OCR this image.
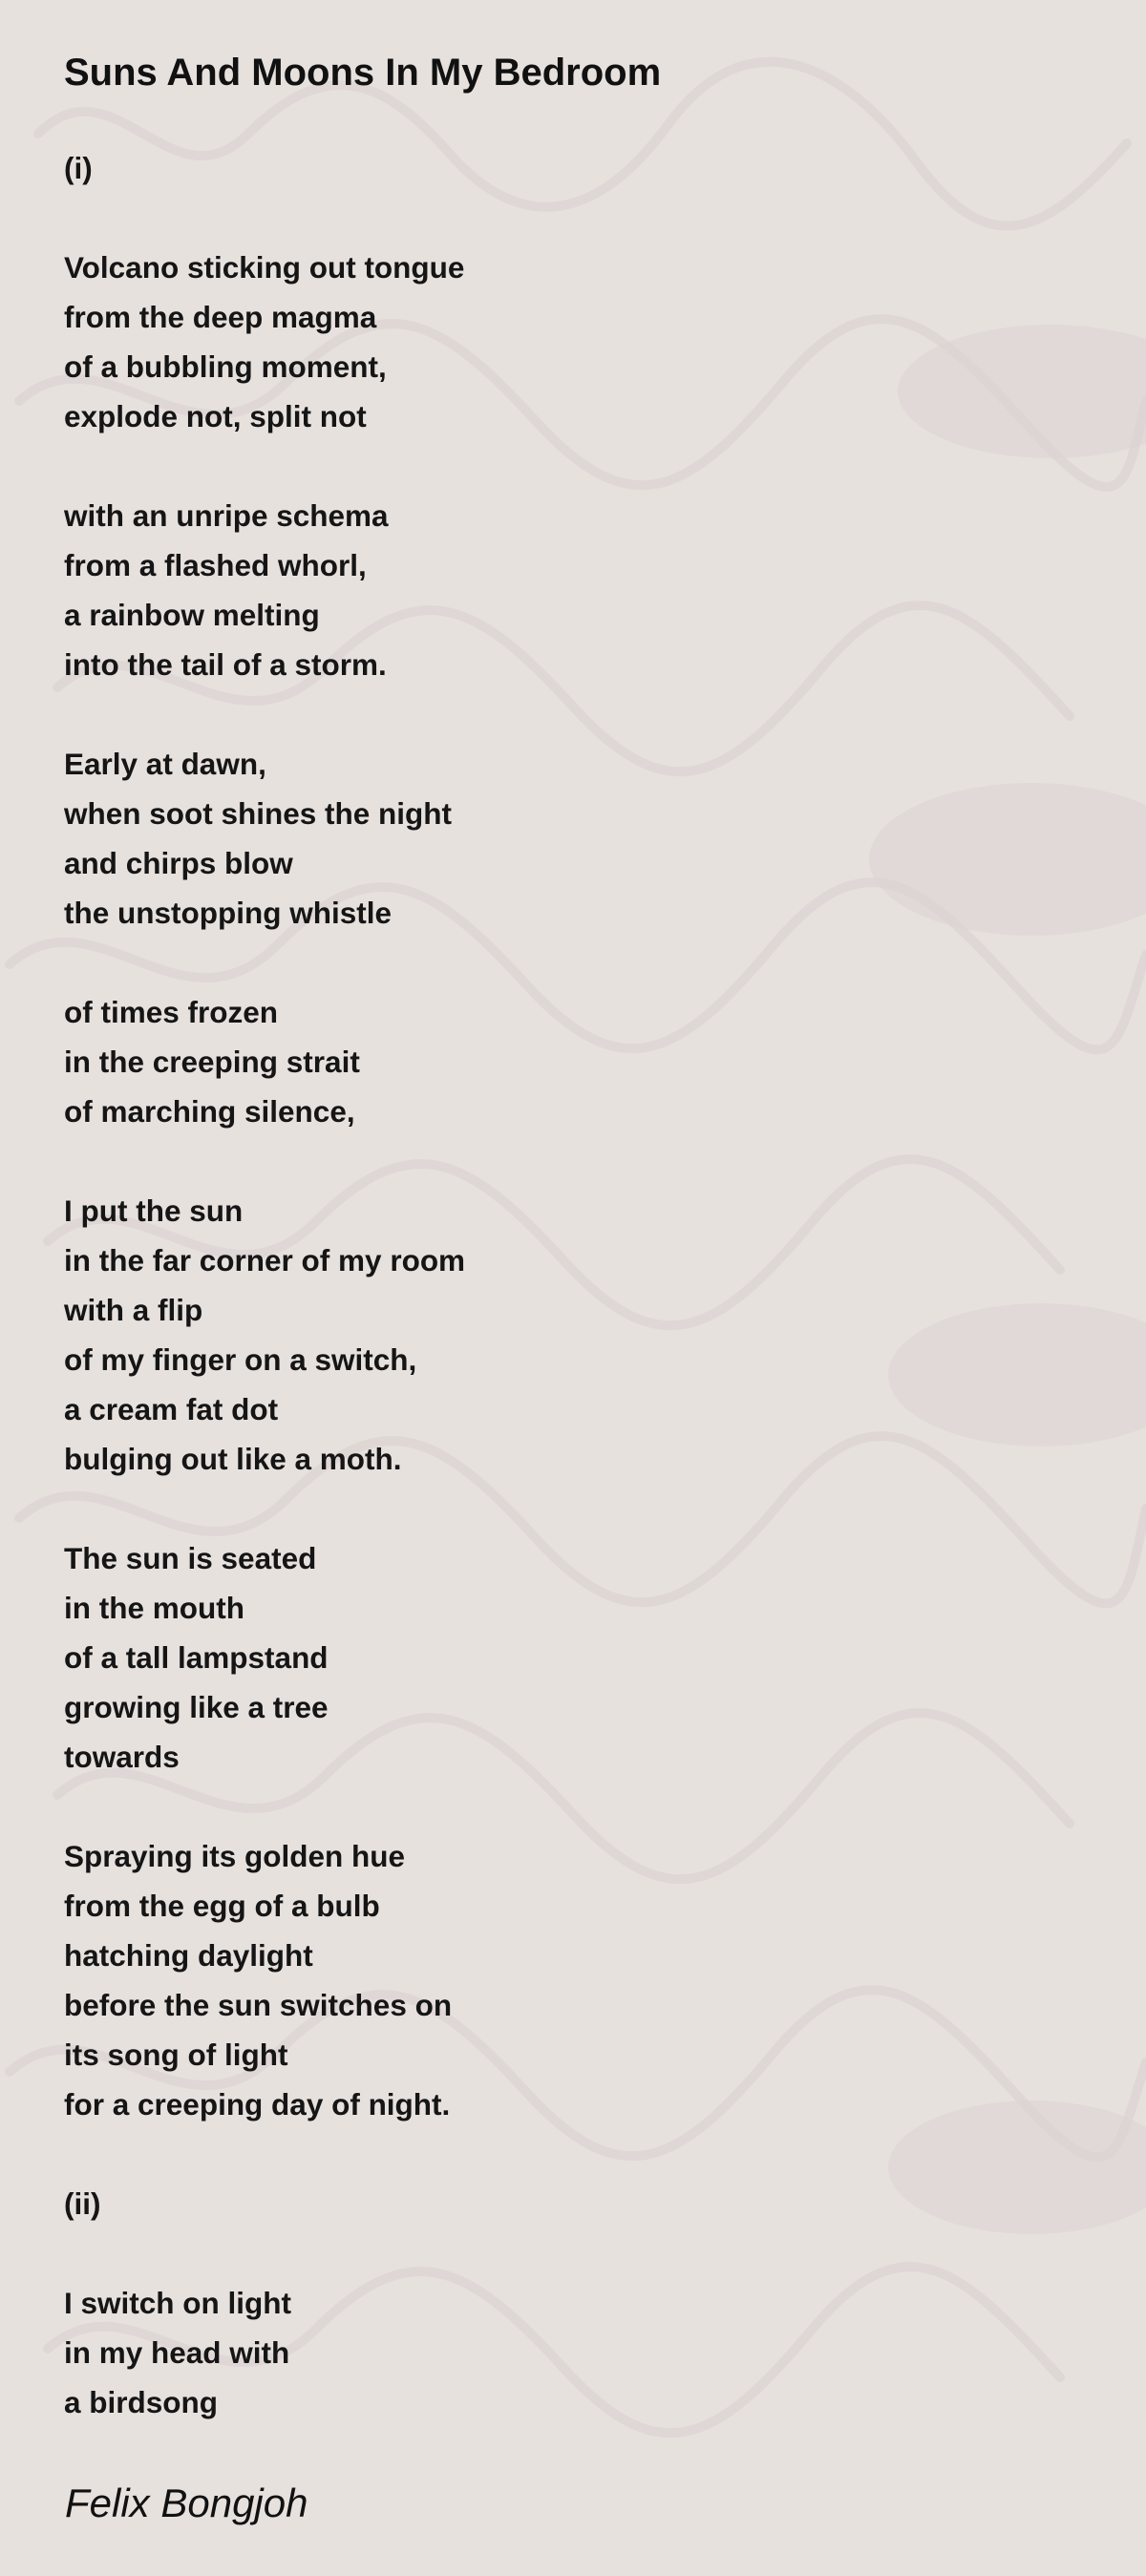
Suns And Moons In My Bedroom
(i)
Volcano sticking out tongue
from the deep magma
of a bubbling moment,
explode not, split not
with an unripe schema
from a flashed whorl,
a rainbow melting
into the tail of a storm.
Early at dawn,
when soot shines the night
and chirps blow
the unstopping whistle
of times frozen
in the creeping strait
of marching silence,
I put the sun
in the far corner of my room
with a flip
of my finger on a switch,
a cream fat dot
bulging out like a moth.
The sun is seated
in the mouth
of a tall lampstand
growing like a tree
towards
Spraying its golden hue
from the egg of a bulb
hatching daylight
before the sun switches on
its song of light
for a creeping day of night.
(ii)
I switch on light
in my head with
a birdsong
Felix Bongjoh
